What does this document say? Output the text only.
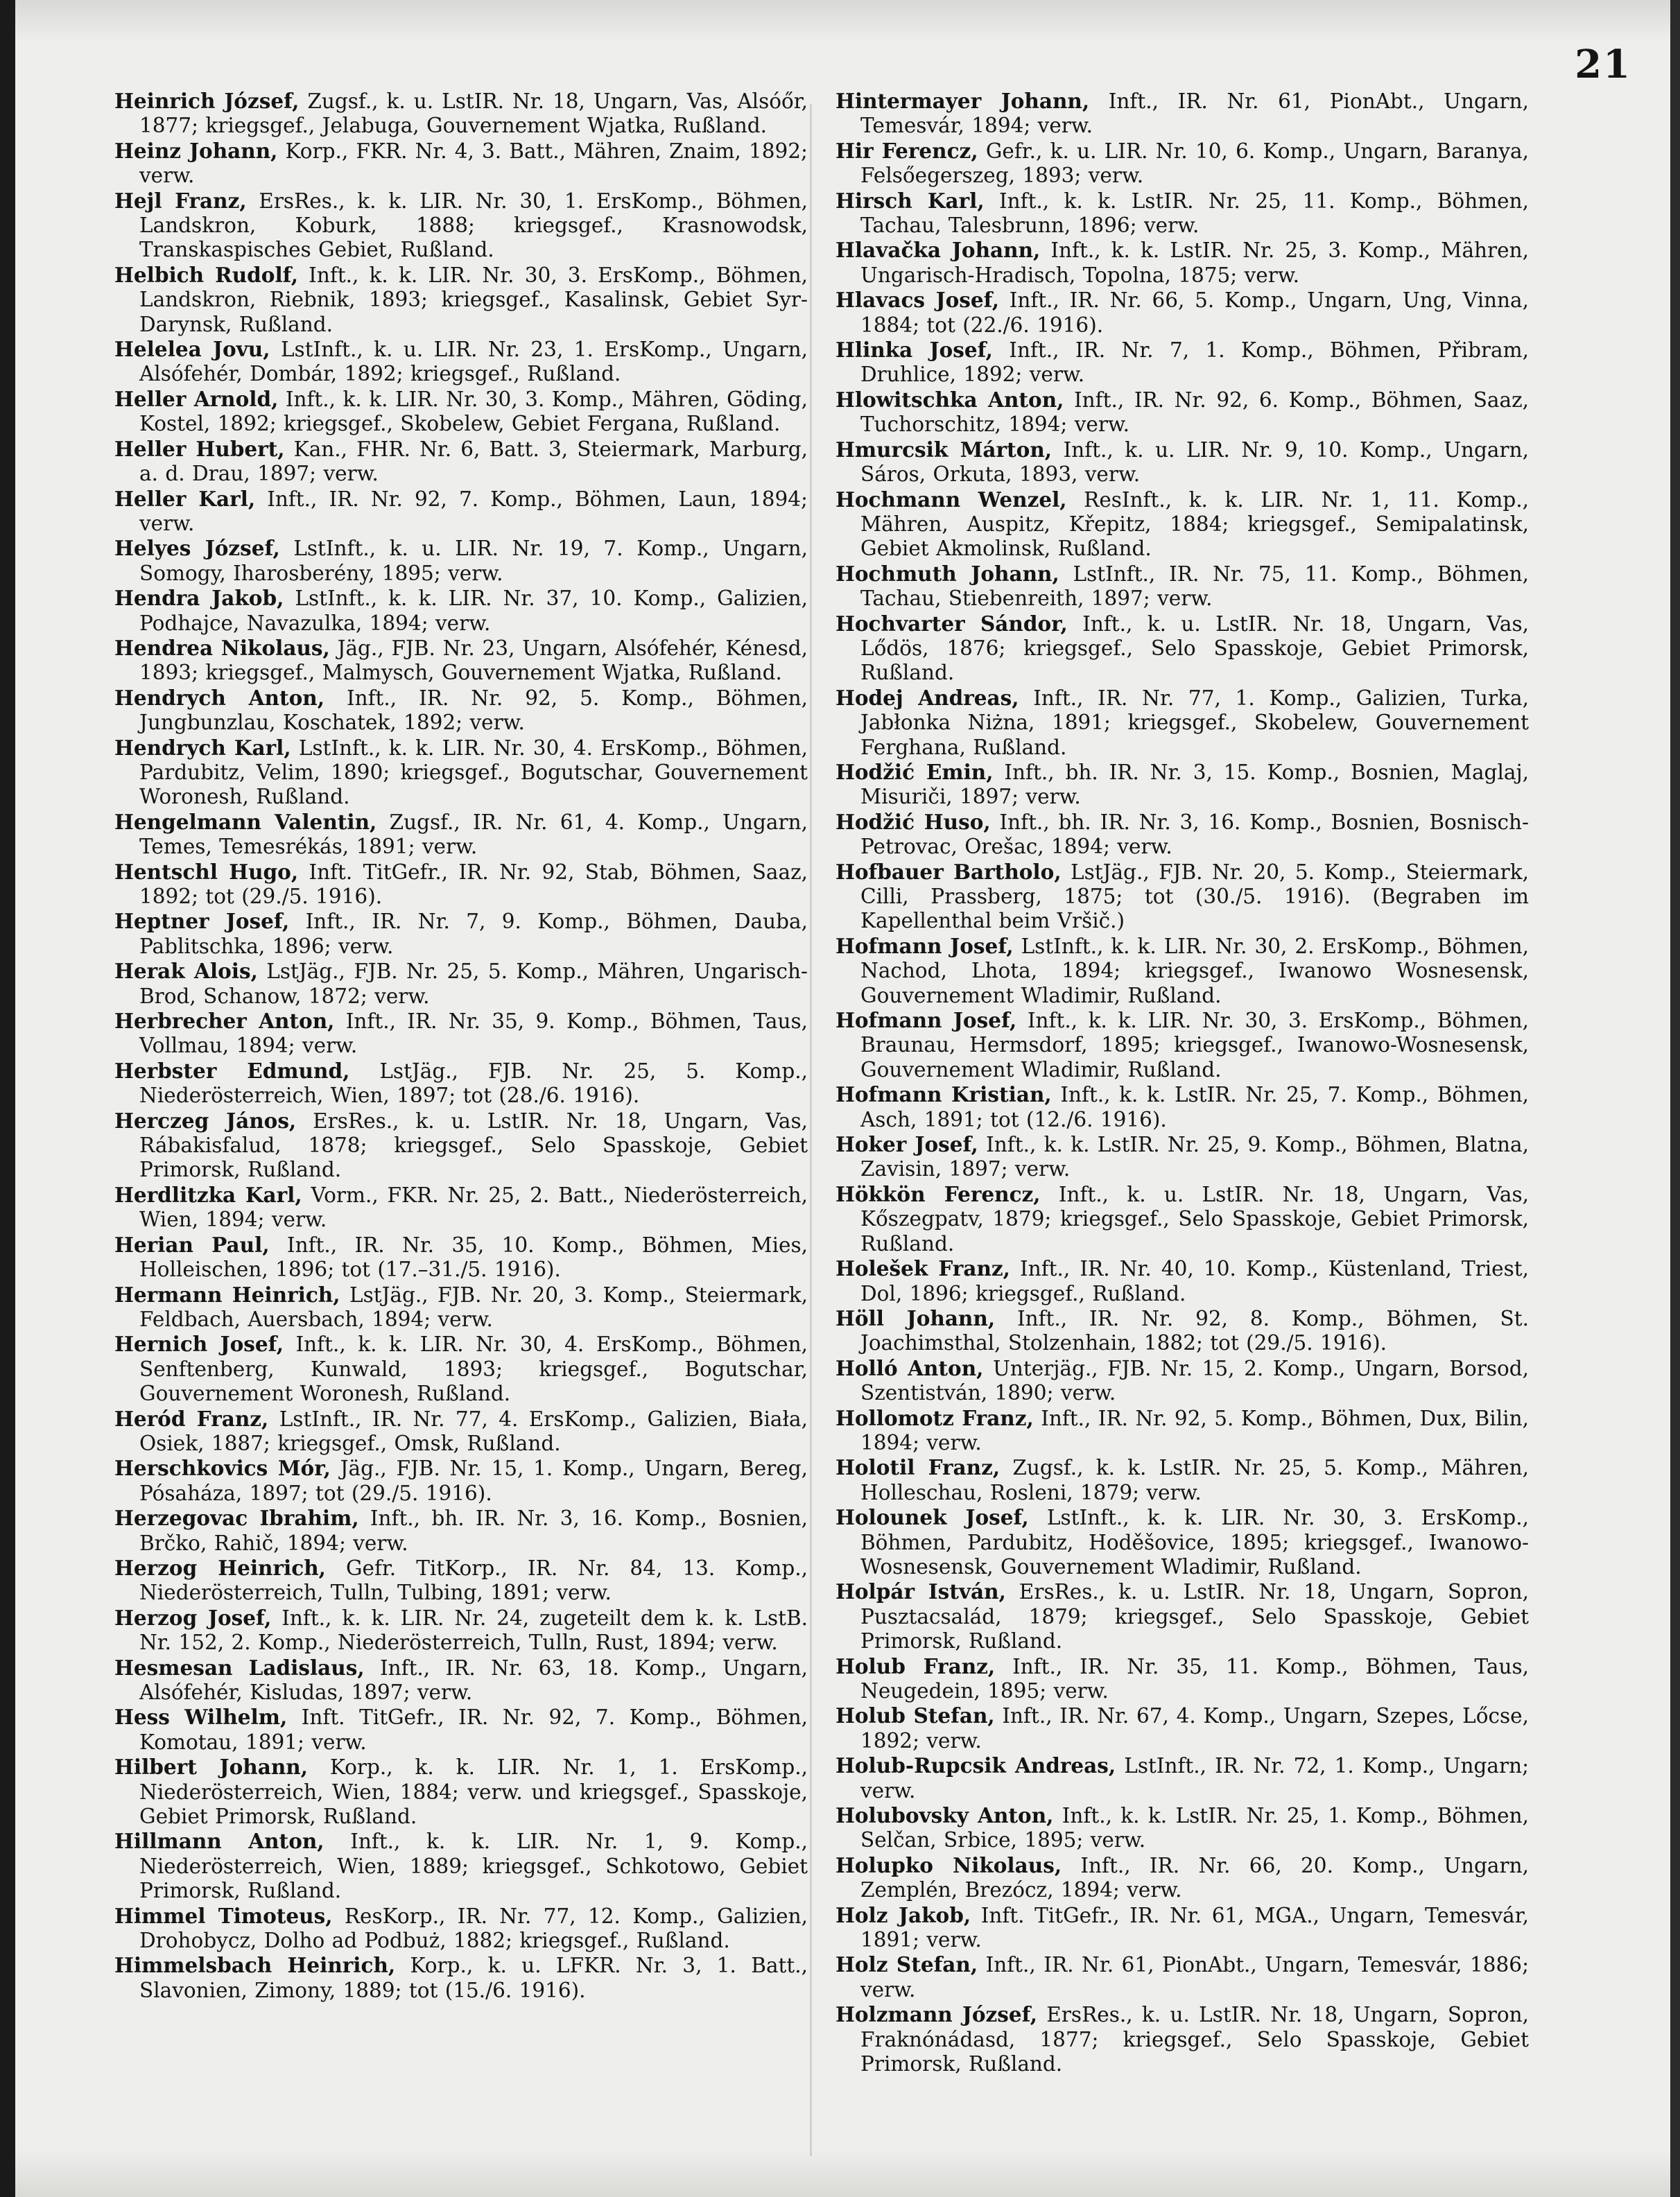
21

Heinrich József, Zugsf., k. u. LstIR. Nr. 18, Ungarn, Vas, Alsóőr, 1877; kriegsgef., Jelabuga, Gouvernement Wjatka, Rußland.

Heinz Johann, Korp., FKR. Nr. 4, 3. Batt., Mähren, Znaim, 1892; verw.

Hejl Franz, ErsRes., k. k. LIR. Nr. 30, 1. ErsKomp., Böhmen, Landskron, Koburk, 1888; kriegsgef., Krasnowodsk, Transkaspisches Gebiet, Rußland.

Helbich Rudolf, Inft., k. k. LIR. Nr. 30, 3. ErsKomp., Böhmen, Landskron, Riebnik, 1893; kriegsgef., Kasalinsk, Gebiet Syr-Darynsk, Rußland.

Helelea Jovu, LstInft., k. u. LIR. Nr. 23, 1. ErsKomp., Ungarn, Alsófehér, Dombár, 1892; kriegsgef., Rußland.

Heller Arnold, Inft., k. k. LIR. Nr. 30, 3. Komp., Mähren, Göding, Kostel, 1892; kriegsgef., Skobelew, Gebiet Fergana, Rußland.

Heller Hubert, Kan., FHR. Nr. 6, Batt. 3, Steiermark, Marburg, a. d. Drau, 1897; verw.

Heller Karl, Inft., IR. Nr. 92, 7. Komp., Böhmen, Laun, 1894; verw.

Helyes József, LstInft., k. u. LIR. Nr. 19, 7. Komp., Ungarn, Somogy, Iharosberény, 1895; verw.

Hendra Jakob, LstInft., k. k. LIR. Nr. 37, 10. Komp., Galizien, Podhajce, Navazulka, 1894; verw.

Hendrea Nikolaus, Jäg., FJB. Nr. 23, Ungarn, Alsófehér, Kénesd, 1893; kriegsgef., Malmysch, Gouvernement Wjatka, Rußland.

Hendrych Anton, Inft., IR. Nr. 92, 5. Komp., Böhmen, Jungbunzlau, Koschatek, 1892; verw.

Hendrych Karl, LstInft., k. k. LIR. Nr. 30, 4. ErsKomp., Böhmen, Pardubitz, Velim, 1890; kriegsgef., Bogutschar, Gouvernement Woronesh, Rußland.

Hengelmann Valentin, Zugsf., IR. Nr. 61, 4. Komp., Ungarn, Temes, Temesrékás, 1891; verw.

Hentschl Hugo, Inft. TitGefr., IR. Nr. 92, Stab, Böhmen, Saaz, 1892; tot (29./5. 1916).

Heptner Josef, Inft., IR. Nr. 7, 9. Komp., Böhmen, Dauba, Pablitschka, 1896; verw.

Herak Alois, LstJäg., FJB. Nr. 25, 5. Komp., Mähren, Ungarisch-Brod, Schanow, 1872; verw.

Herbrecher Anton, Inft., IR. Nr. 35, 9. Komp., Böhmen, Taus, Vollmau, 1894; verw.

Herbster Edmund, LstJäg., FJB. Nr. 25, 5. Komp., Niederösterreich, Wien, 1897; tot (28./6. 1916).

Herczeg János, ErsRes., k. u. LstIR. Nr. 18, Ungarn, Vas, Rábakisfalud, 1878; kriegsgef., Selo Spasskoje, Gebiet Primorsk, Rußland.

Herdlitzka Karl, Vorm., FKR. Nr. 25, 2. Batt., Niederösterreich, Wien, 1894; verw.

Herian Paul, Inft., IR. Nr. 35, 10. Komp., Böhmen, Mies, Holleischen, 1896; tot (17.–31./5. 1916).

Hermann Heinrich, LstJäg., FJB. Nr. 20, 3. Komp., Steiermark, Feldbach, Auersbach, 1894; verw.

Hernich Josef, Inft., k. k. LIR. Nr. 30, 4. ErsKomp., Böhmen, Senftenberg, Kunwald, 1893; kriegsgef., Bogutschar, Gouvernement Woronesh, Rußland.

Heród Franz, LstInft., IR. Nr. 77, 4. ErsKomp., Galizien, Biała, Osiek, 1887; kriegsgef., Omsk, Rußland.

Herschkovics Mór, Jäg., FJB. Nr. 15, 1. Komp., Ungarn, Bereg, Pósaháza, 1897; tot (29./5. 1916).

Herzegovac Ibrahim, Inft., bh. IR. Nr. 3, 16. Komp., Bosnien, Brčko, Rahič, 1894; verw.

Herzog Heinrich, Gefr. TitKorp., IR. Nr. 84, 13. Komp., Niederösterreich, Tulln, Tulbing, 1891; verw.

Herzog Josef, Inft., k. k. LIR. Nr. 24, zugeteilt dem k. k. LstB. Nr. 152, 2. Komp., Niederösterreich, Tulln, Rust, 1894; verw.

Hesmesan Ladislaus, Inft., IR. Nr. 63, 18. Komp., Ungarn, Alsófehér, Kisludas, 1897; verw.

Hess Wilhelm, Inft. TitGefr., IR. Nr. 92, 7. Komp., Böhmen, Komotau, 1891; verw.

Hilbert Johann, Korp., k. k. LIR. Nr. 1, 1. ErsKomp., Niederösterreich, Wien, 1884; verw. und kriegsgef., Spasskoje, Gebiet Primorsk, Rußland.

Hillmann Anton, Inft., k. k. LIR. Nr. 1, 9. Komp., Niederösterreich, Wien, 1889; kriegsgef., Schkotowo, Gebiet Primorsk, Rußland.

Himmel Timoteus, ResKorp., IR. Nr. 77, 12. Komp., Galizien, Drohobycz, Dolho ad Podbuż, 1882; kriegsgef., Rußland.

Himmelsbach Heinrich, Korp., k. u. LFKR. Nr. 3, 1. Batt., Slavonien, Zimony, 1889; tot (15./6. 1916).

Hintermayer Johann, Inft., IR. Nr. 61, PionAbt., Ungarn, Temesvár, 1894; verw.

Hir Ferencz, Gefr., k. u. LIR. Nr. 10, 6. Komp., Ungarn, Baranya, Felsőegerszeg, 1893; verw.

Hirsch Karl, Inft., k. k. LstIR. Nr. 25, 11. Komp., Böhmen, Tachau, Talesbrunn, 1896; verw.

Hlavačka Johann, Inft., k. k. LstIR. Nr. 25, 3. Komp., Mähren, Ungarisch-Hradisch, Topolna, 1875; verw.

Hlavacs Josef, Inft., IR. Nr. 66, 5. Komp., Ungarn, Ung, Vinna, 1884; tot (22./6. 1916).

Hlinka Josef, Inft., IR. Nr. 7, 1. Komp., Böhmen, Přibram, Druhlice, 1892; verw.

Hlowitschka Anton, Inft., IR. Nr. 92, 6. Komp., Böhmen, Saaz, Tuchorschitz, 1894; verw.

Hmurcsik Márton, Inft., k. u. LIR. Nr. 9, 10. Komp., Ungarn, Sáros, Orkuta, 1893, verw.

Hochmann Wenzel, ResInft., k. k. LIR. Nr. 1, 11. Komp., Mähren, Auspitz, Křepitz, 1884; kriegsgef., Semipalatinsk, Gebiet Akmolinsk, Rußland.

Hochmuth Johann, LstInft., IR. Nr. 75, 11. Komp., Böhmen, Tachau, Stiebenreith, 1897; verw.

Hochvarter Sándor, Inft., k. u. LstIR. Nr. 18, Ungarn, Vas, Lődös, 1876; kriegsgef., Selo Spasskoje, Gebiet Primorsk, Rußland.

Hodej Andreas, Inft., IR. Nr. 77, 1. Komp., Galizien, Turka, Jabłonka Niżna, 1891; kriegsgef., Skobelew, Gouvernement Ferghana, Rußland.

Hodžić Emin, Inft., bh. IR. Nr. 3, 15. Komp., Bosnien, Maglaj, Misuriči, 1897; verw.

Hodžić Huso, Inft., bh. IR. Nr. 3, 16. Komp., Bosnien, Bosnisch-Petrovac, Orešac, 1894; verw.

Hofbauer Bartholo, LstJäg., FJB. Nr. 20, 5. Komp., Steiermark, Cilli, Prassberg, 1875; tot (30./5. 1916). (Begraben im Kapellenthal beim Vršič.)

Hofmann Josef, LstInft., k. k. LIR. Nr. 30, 2. ErsKomp., Böhmen, Nachod, Lhota, 1894; kriegsgef., Iwanowo Wosnesensk, Gouvernement Wladimir, Rußland.

Hofmann Josef, Inft., k. k. LIR. Nr. 30, 3. ErsKomp., Böhmen, Braunau, Hermsdorf, 1895; kriegsgef., Iwanowo-Wosnesensk, Gouvernement Wladimir, Rußland.

Hofmann Kristian, Inft., k. k. LstIR. Nr. 25, 7. Komp., Böhmen, Asch, 1891; tot (12./6. 1916).

Hoker Josef, Inft., k. k. LstIR. Nr. 25, 9. Komp., Böhmen, Blatna, Zavisin, 1897; verw.

Hökkön Ferencz, Inft., k. u. LstIR. Nr. 18, Ungarn, Vas, Kőszegpatv, 1879; kriegsgef., Selo Spasskoje, Gebiet Primorsk, Rußland.

Holešek Franz, Inft., IR. Nr. 40, 10. Komp., Küstenland, Triest, Dol, 1896; kriegsgef., Rußland.

Höll Johann, Inft., IR. Nr. 92, 8. Komp., Böhmen, St. Joachimsthal, Stolzenhain, 1882; tot (29./5. 1916).

Holló Anton, Unterjäg., FJB. Nr. 15, 2. Komp., Ungarn, Borsod, Szentistván, 1890; verw.

Hollomotz Franz, Inft., IR. Nr. 92, 5. Komp., Böhmen, Dux, Bilin, 1894; verw.

Holotil Franz, Zugsf., k. k. LstIR. Nr. 25, 5. Komp., Mähren, Holleschau, Rosleni, 1879; verw.

Holounek Josef, LstInft., k. k. LIR. Nr. 30, 3. ErsKomp., Böhmen, Pardubitz, Hoděšovice, 1895; kriegsgef., Iwanowo-Wosnesensk, Gouvernement Wladimir, Rußland.

Holpár István, ErsRes., k. u. LstIR. Nr. 18, Ungarn, Sopron, Pusztacsalád, 1879; kriegsgef., Selo Spasskoje, Gebiet Primorsk, Rußland.

Holub Franz, Inft., IR. Nr. 35, 11. Komp., Böhmen, Taus, Neugedein, 1895; verw.

Holub Stefan, Inft., IR. Nr. 67, 4. Komp., Ungarn, Szepes, Lőcse, 1892; verw.

Holub-Rupcsik Andreas, LstInft., IR. Nr. 72, 1. Komp., Ungarn; verw.

Holubovsky Anton, Inft., k. k. LstIR. Nr. 25, 1. Komp., Böhmen, Selčan, Srbice, 1895; verw.

Holupko Nikolaus, Inft., IR. Nr. 66, 20. Komp., Ungarn, Zemplén, Brezócz, 1894; verw.

Holz Jakob, Inft. TitGefr., IR. Nr. 61, MGA., Ungarn, Temesvár, 1891; verw.

Holz Stefan, Inft., IR. Nr. 61, PionAbt., Ungarn, Temesvár, 1886; verw.

Holzmann József, ErsRes., k. u. LstIR. Nr. 18, Ungarn, Sopron, Fraknónádasd, 1877; kriegsgef., Selo Spasskoje, Gebiet Primorsk, Rußland.
